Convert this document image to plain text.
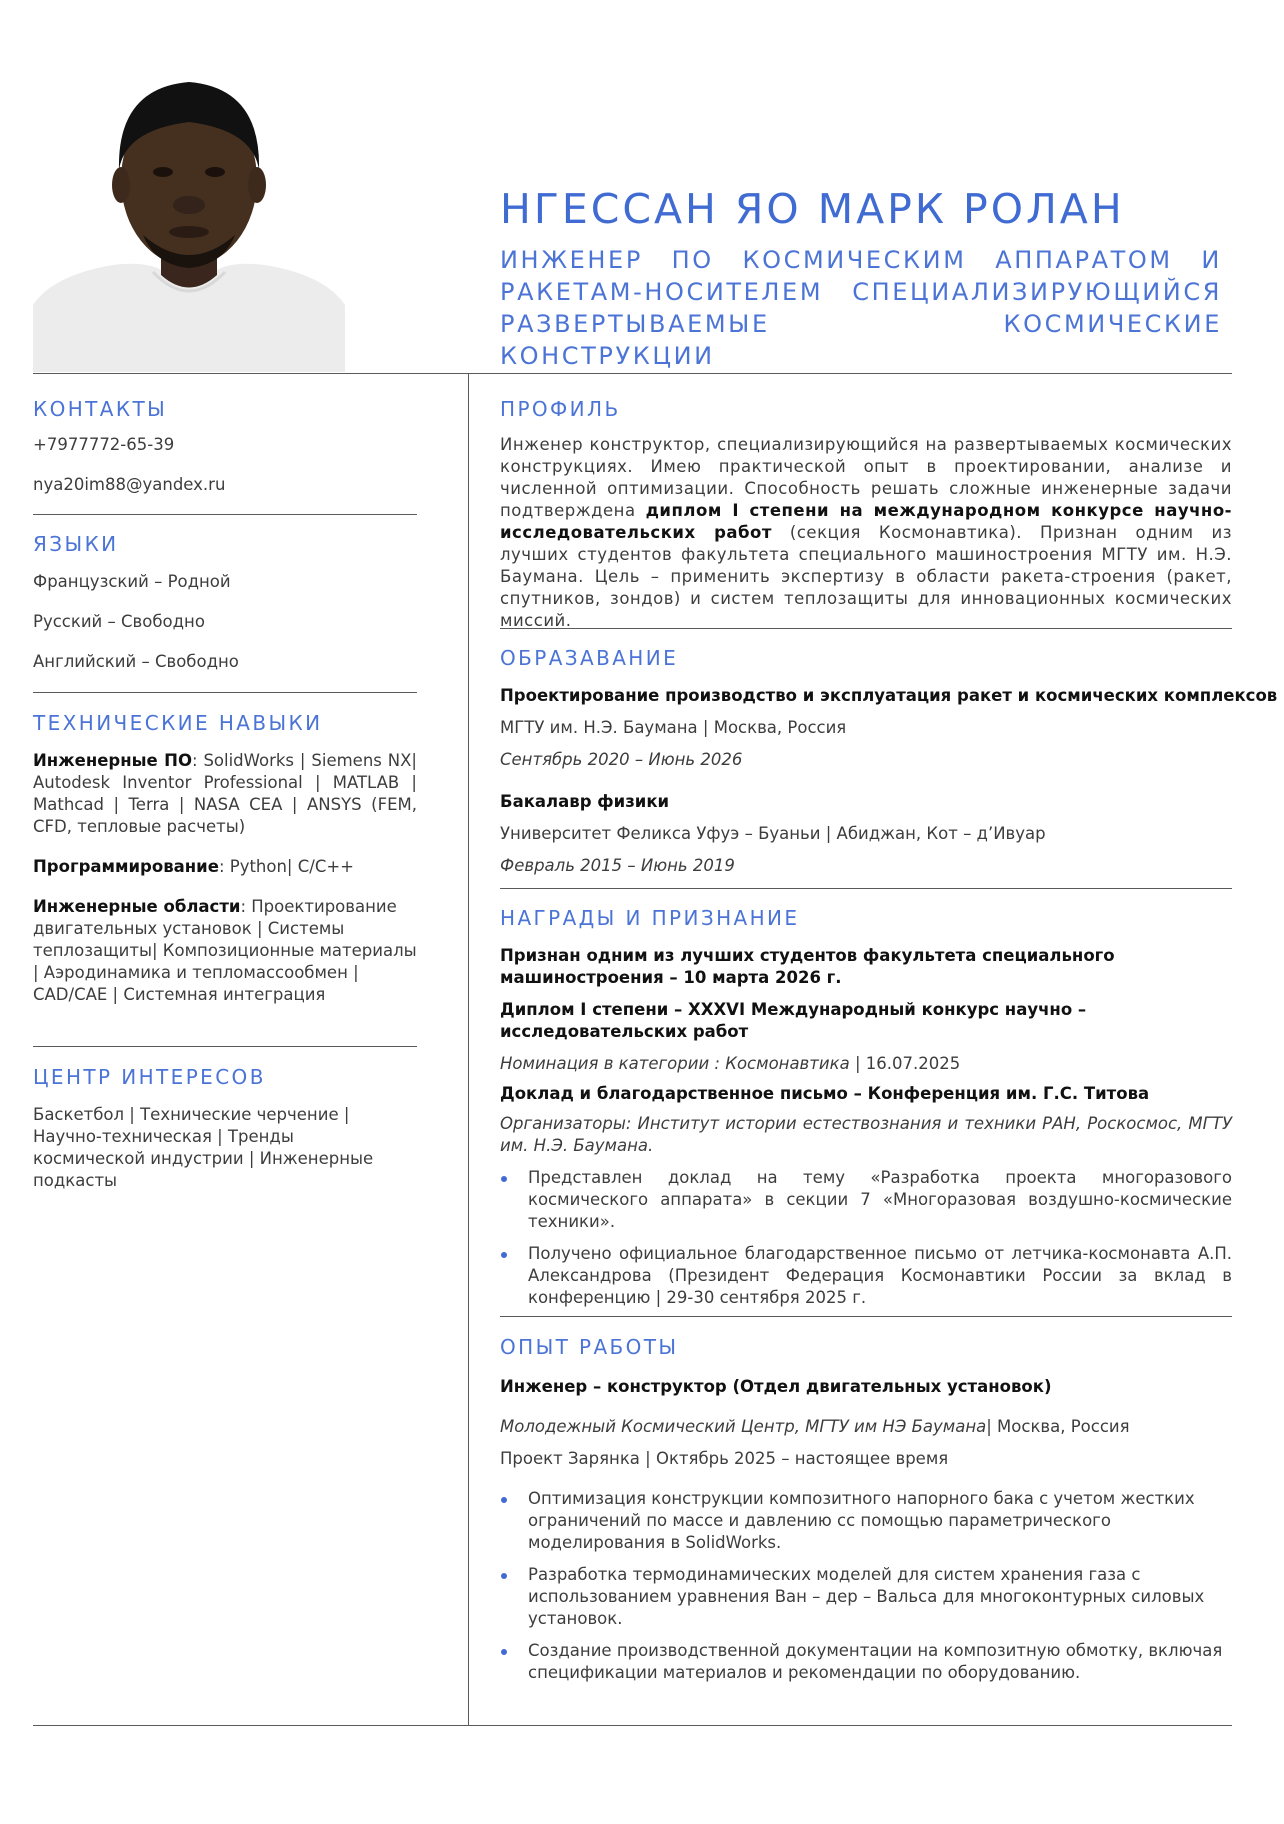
НГЕССАН ЯО МАРК РОЛАН
ИНЖЕНЕР ПО КОСМИЧЕСКИМ АППАРАТОМ И РАКЕТАМ-НОСИТЕЛЕМ СПЕЦИАЛИЗИРУЮЩИЙСЯ РАЗВЕРТЫВАЕМЫЕ КОСМИЧЕСКИЕ КОНСТРУКЦИИ
КОНТАКТЫ
+7977772-65-39
nya20im88@yandex.ru
ЯЗЫКИ
Французский – Родной
Русский – Свободно
Английский – Свободно
ТЕХНИЧЕСКИЕ НАВЫКИ

Инженерные ПО: SolidWorks | Siemens NX| Autodesk Inventor Professional | MATLAB | Mathcad | Terra | NASA CEA | ANSYS (FEM, CFD, тепловые расчеты)

Программирование: Python| C/C++

Инженерные области: Проектирование двигательных установок | Системы теплозащиты| Композиционные материалы | Аэродинамика и тепломассообмен | CAD/CAE | Системная интеграция

ЦЕНТР ИНТЕРЕСОВ

Баскетбол | Технические черчение | Научно-техническая | Тренды космической индустрии | Инженерные подкасты

ПРОФИЛЬ

Инженер конструктор, специализирующийся на развертываемых космических конструкциях. Имею практической опыт в проектировании, анализе и численной оптимизации. Способность решать сложные инженерные задачи подтверждена диплом I степени на международном конкурсе научно-исследовательских работ (секция Космонавтика). Признан одним из лучших студентов факультета специального машиностроения МГТУ им. Н.Э. Баумана. Цель – применить экспертизу в области ракета-строения (ракет, спутников, зондов) и систем теплозащиты для инновационных космических миссий.

ОБРАЗАВАНИЕ
Проектирование производство и эксплуатация ракет и космических комплексов
МГТУ им. Н.Э. Баумана | Москва, Россия
Сентябрь 2020 – Июнь 2026
Бакалавр физики
Университет Феликса Уфуэ – Буаньи | Абиджан, Кот – д’Ивуар
Февраль 2015 – Июнь 2019
НАГРАДЫ И ПРИЗНАНИЕ

Признан одним из лучших студентов факультета специального машиностроения – 10 марта 2026 г.

Диплом I степени – XXXVI Международный конкурс научно – исследовательских работ

Номинация в категории : Космонавтика | 16.07.2025

Доклад и благодарственное письмо – Конференция им. Г.С. Титова

Организаторы: Институт истории естествознания и техники РАН, Роскосмос, МГТУ им. Н.Э. Баумана.

Представлен доклад на тему «Разработка проекта многоразового космического аппарата» в секции 7 «Многоразовая воздушно-космические техники».

Получено официальное благодарственное письмо от летчика-космонавта А.П. Александрова (Президент Федерация Космонавтики России за вклад в конференцию | 29-30 сентября 2025 г.

ОПЫТ РАБОТЫ
Инженер – конструктор (Отдел двигательных установок)
Молодежный Космический Центр, МГТУ им НЭ Баумана| Москва, Россия
Проект Зарянка | Октябрь 2025 – настоящее время

Оптимизация конструкции композитного напорного бака с учетом жестких ограничений по массе и давлению сс помощью параметрического моделирования в SolidWorks.

Разработка термодинамических моделей для систем хранения газа с использованием уравнения Ван – дер – Вальса для многоконтурных силовых установок.

Создание производственной документации на композитную обмотку, включая спецификации материалов и рекомендации по оборудованию.
